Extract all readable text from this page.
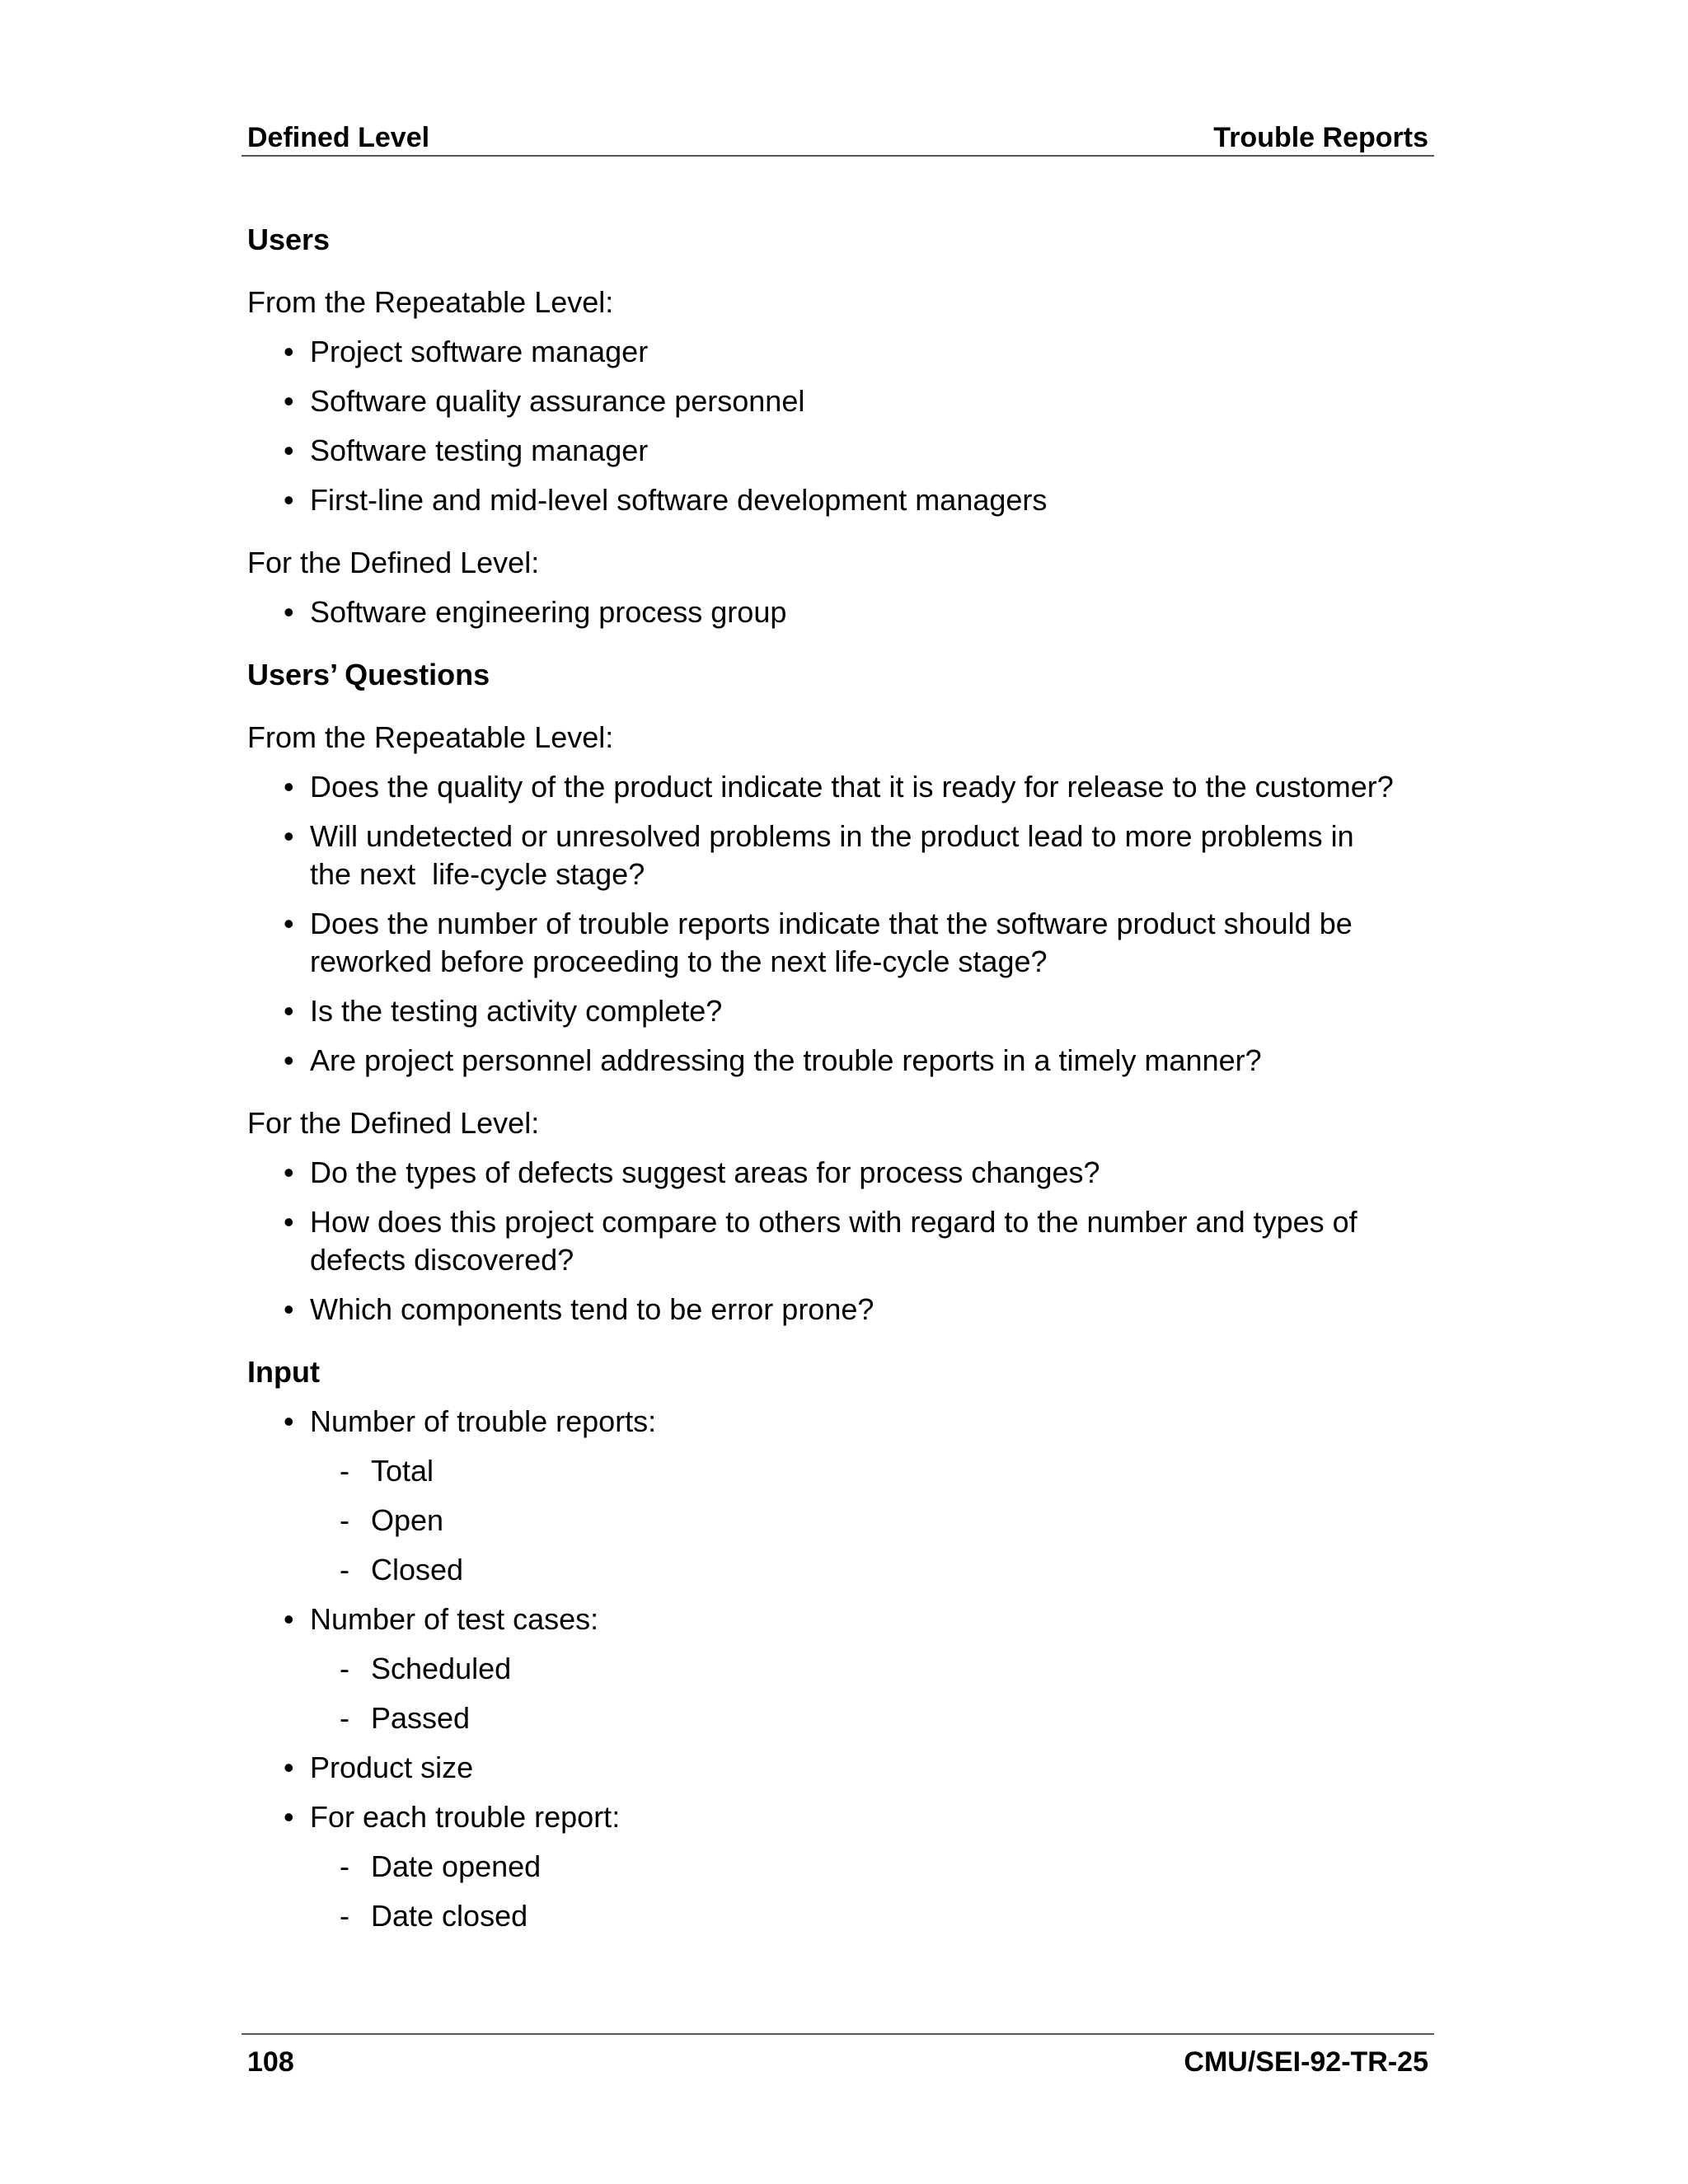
Defined Level	Trouble Reports
Users

From the Repeatable Level:

• Project software manager
• Software quality assurance personnel
• Software testing manager
• First-line and mid-level software development managers

For the Defined Level:

• Software engineering process group
Users’ Questions

From the Repeatable Level:

• Does the quality of the product indicate that it is ready for release to the customer?
• Will undetected or unresolved problems in the product lead to more problems in the next  life-cycle stage?
• Does the number of trouble reports indicate that the software product should be reworked before proceeding to the next life-cycle stage?
• Is the testing activity complete?
• Are project personnel addressing the trouble reports in a timely manner?

For the Defined Level:

• Do the types of defects suggest areas for process changes?
• How does this project compare to others with regard to the number and types of defects discovered?
• Which components tend to be error prone?
Input
• Number of trouble reports:
- Total
- Open
- Closed
• Number of test cases:
- Scheduled
- Passed
• Product size
• For each trouble report:
- Date opened
- Date closed
108	CMU/SEI-92-TR-25
